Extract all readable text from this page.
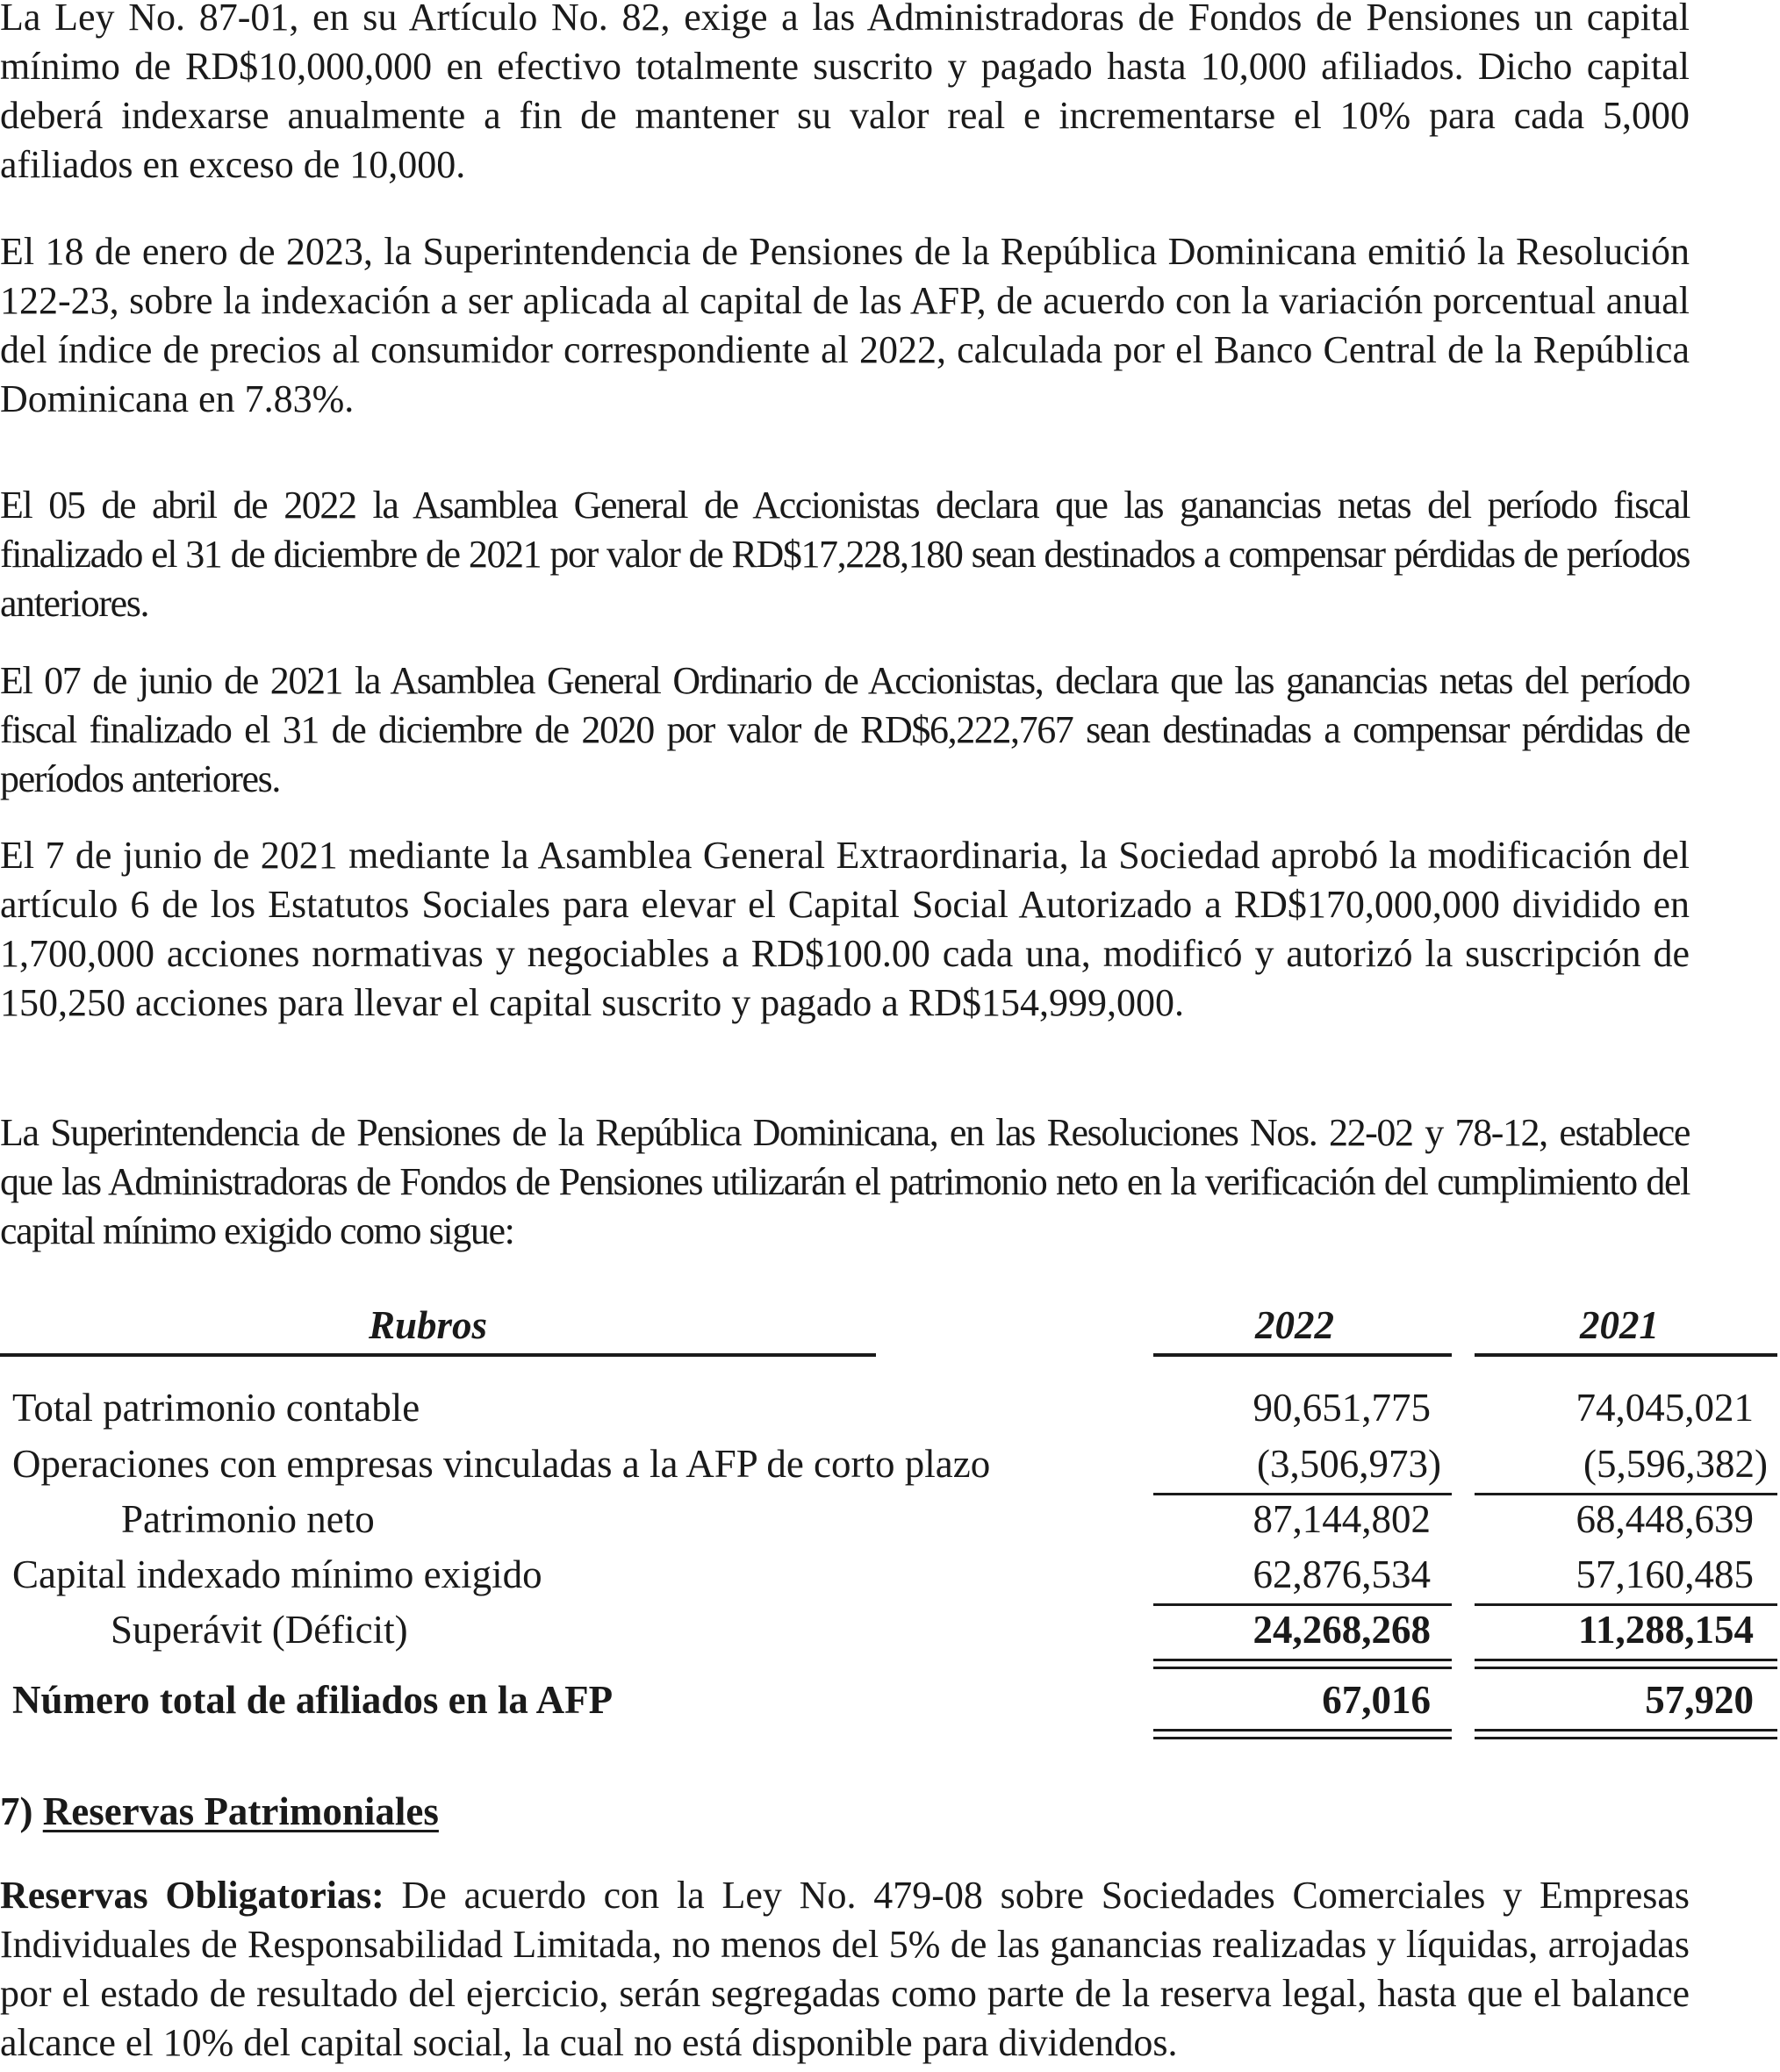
La Ley No. 87-01, en su Artículo No. 82, exige a las Administradoras de Fondos de Pensiones un capital mínimo de RD$10,000,000 en efectivo totalmente suscrito y pagado hasta 10,000 afiliados. Dicho capital deberá indexarse anualmente a fin de mantener su valor real e incrementarse el 10% para cada 5,000 afiliados en exceso de 10,000.

El 18 de enero de 2023, la Superintendencia de Pensiones de la República Dominicana emitió la Resolución 122-23, sobre la indexación a ser aplicada al capital de las AFP, de acuerdo con la variación porcentual anual del índice de precios al consumidor correspondiente al 2022, calculada por el Banco Central de la República Dominicana en 7.83%.

El 05 de abril de 2022 la Asamblea General de Accionistas declara que las ganancias netas del período fiscal finalizado el 31 de diciembre de 2021 por valor de RD$17,228,180 sean destinados a compensar pérdidas de períodos anteriores.

El 07 de junio de 2021 la Asamblea General Ordinario de Accionistas, declara que las ganancias netas del período fiscal finalizado el 31 de diciembre de 2020 por valor de RD$6,222,767 sean destinadas a compensar pérdidas de períodos anteriores.

El 7 de junio de 2021 mediante la Asamblea General Extraordinaria, la Sociedad aprobó la modificación del artículo 6 de los Estatutos Sociales para elevar el Capital Social Autorizado a RD$170,000,000 dividido en 1,700,000 acciones normativas y negociables a RD$100.00 cada una, modificó y autorizó la suscripción de 150,250 acciones para llevar el capital suscrito y pagado a RD$154,999,000.

La Superintendencia de Pensiones de la República Dominicana, en las Resoluciones Nos. 22-02 y 78-12, establece que las Administradoras de Fondos de Pensiones utilizarán el patrimonio neto en la verificación del cumplimiento del capital mínimo exigido como sigue:

Rubros	2022	2021
Total patrimonio contable	90,651,775	74,045,021
Operaciones con empresas vinculadas a la AFP de corto plazo	(3,506,973)	(5,596,382)
Patrimonio neto	87,144,802	68,448,639
Capital indexado mínimo exigido	62,876,534	57,160,485
Superávit (Déficit)	24,268,268	11,288,154
Número total de afiliados en la AFP	67,016	57,920
7) Reservas Patrimoniales

Reservas Obligatorias: De acuerdo con la Ley No. 479-08 sobre Sociedades Comerciales y Empresas Individuales de Responsabilidad Limitada, no menos del 5% de las ganancias realizadas y líquidas, arrojadas por el estado de resultado del ejercicio, serán segregadas como parte de la reserva legal, hasta que el balance alcance el 10% del capital social, la cual no está disponible para dividendos.
